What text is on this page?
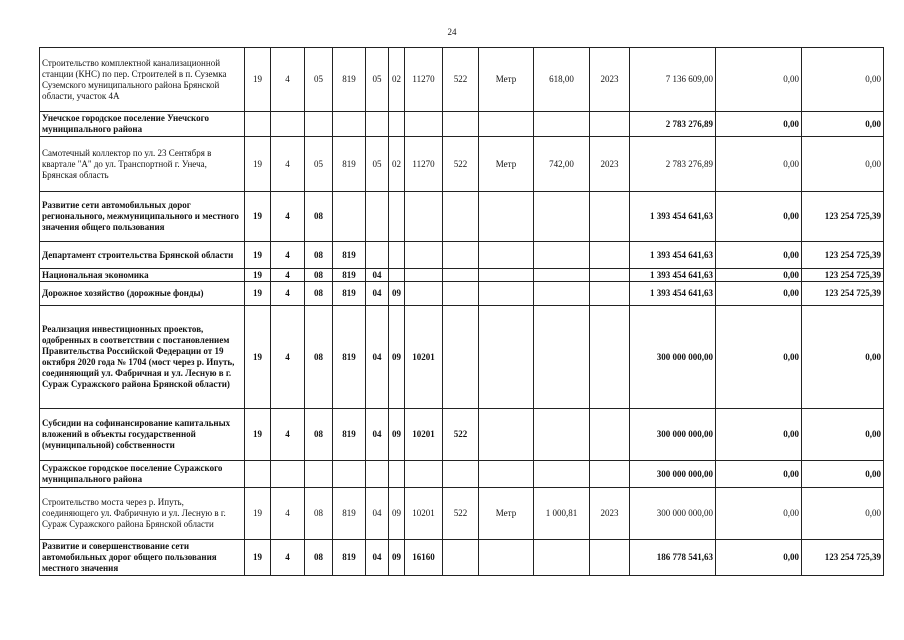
24
Строительство комплектной канализационной станции (КНС) по пер. Строителей в п. Суземка Суземского муниципального района Брянской области, участок 4А	19	4	05	819	05	02	11270	522	Метр	618,00	2023	7 136 609,00	0,00	0,00
Унечское городское поселение Унечского муниципального района												2 783 276,89	0,00	0,00
Самотечный коллектор по ул. 23 Сентября в квартале "А" до ул. Транспортной г. Унеча, Брянская область	19	4	05	819	05	02	11270	522	Метр	742,00	2023	2 783 276,89	0,00	0,00
Развитие сети автомобильных дорог регионального, межмуниципального и местного значения общего пользования	19	4	08									1 393 454 641,63	0,00	123 254 725,39
Департамент строительства Брянской области	19	4	08	819								1 393 454 641,63	0,00	123 254 725,39
Национальная экономика	19	4	08	819	04							1 393 454 641,63	0,00	123 254 725,39
Дорожное хозяйство (дорожные фонды)	19	4	08	819	04	09						1 393 454 641,63	0,00	123 254 725,39
Реализация инвестиционных проектов, одобренных в соответствии с постановлением Правительства Российской Федерации от 19 октября 2020 года № 1704 (мост через р. Ипуть, соединяющий ул. Фабричная и ул. Лесную в г. Сураж Суражского района Брянской области)	19	4	08	819	04	09	10201					300 000 000,00	0,00	0,00
Субсидии на софинансирование капитальных вложений в объекты государственной (муниципальной) собственности	19	4	08	819	04	09	10201	522				300 000 000,00	0,00	0,00
Суражское городское поселение Суражского муниципального района												300 000 000,00	0,00	0,00
Строительство моста через р. Ипуть, соединяющего ул. Фабричную и ул. Лесную в г. Сураж Суражского района Брянской области	19	4	08	819	04	09	10201	522	Метр	1 000,81	2023	300 000 000,00	0,00	0,00
Развитие и совершенствование сети автомобильных дорог общего пользования местного значения	19	4	08	819	04	09	16160					186 778 541,63	0,00	123 254 725,39
